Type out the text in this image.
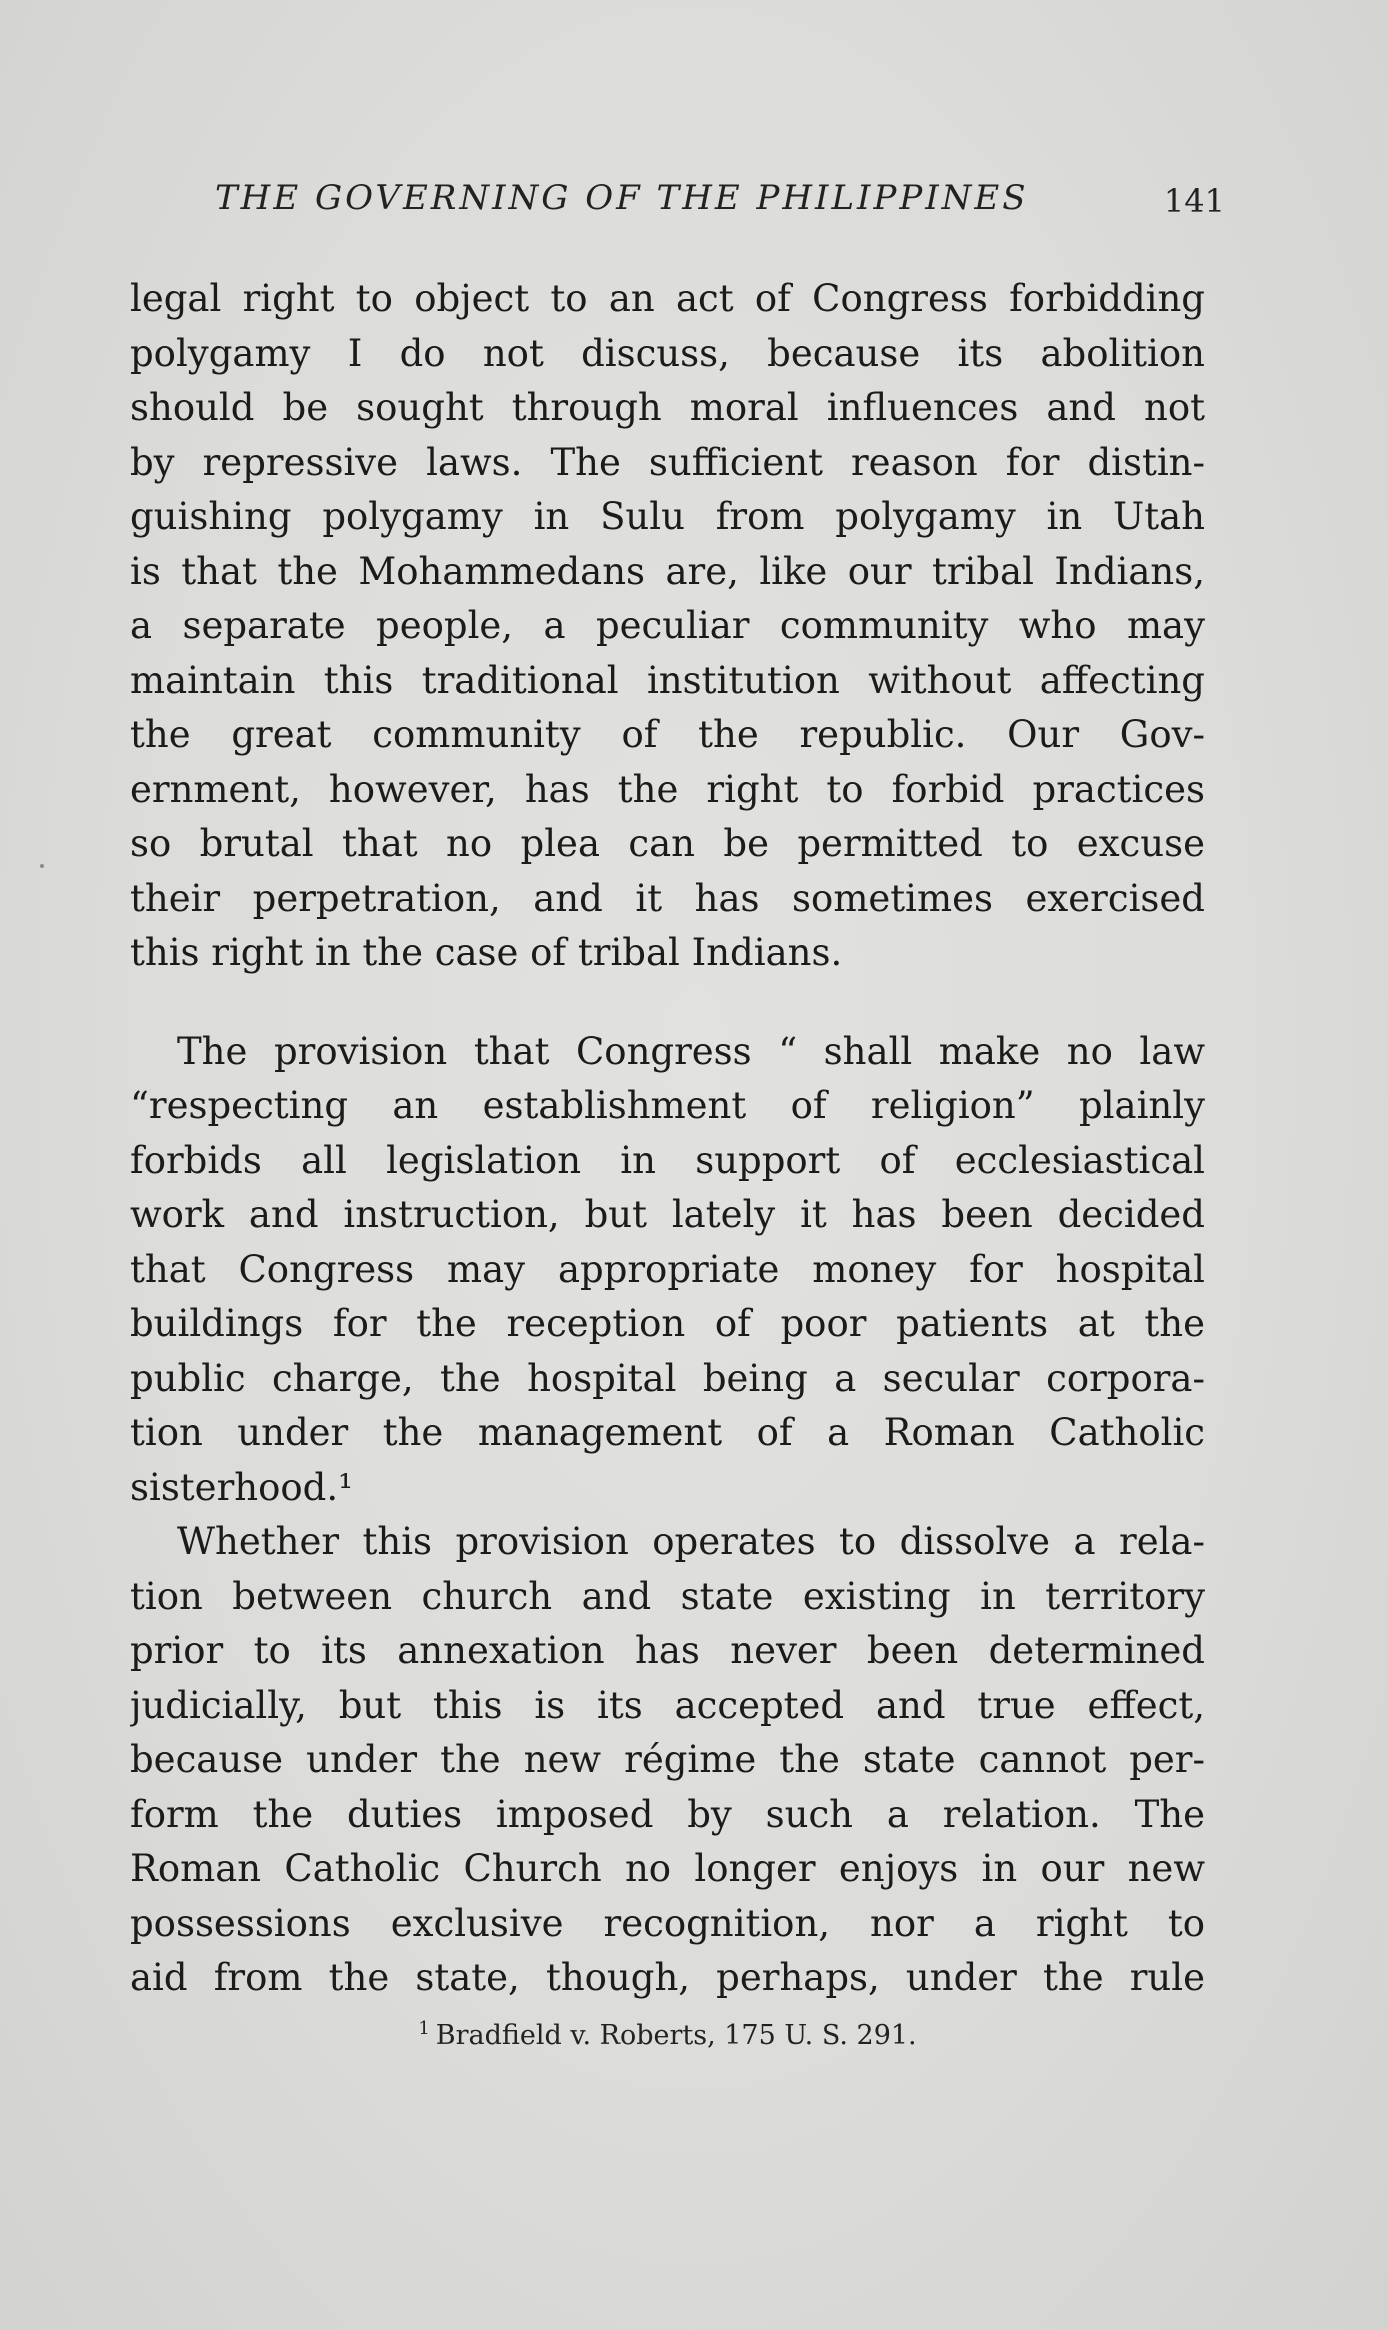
THE GOVERNING OF THE PHILIPPINES	141
legal right to object to an act of Congress forbidding
polygamy I do not discuss, because its abolition
should be sought through moral influences and not
by repressive laws. The sufficient reason for distin-
guishing polygamy in Sulu from polygamy in Utah
is that the Mohammedans are, like our tribal Indians,
a separate people, a peculiar community who may
maintain this traditional institution without affecting
the great community of the republic. Our Gov-
ernment, however, has the right to forbid practices
so brutal that no plea can be permitted to excuse
their perpetration, and it has sometimes exercised
this right in the case of tribal Indians.
The provision that Congress “ shall make no law
“respecting an establishment of religion” plainly
forbids all legislation in support of ecclesiastical
work and instruction, but lately it has been decided
that Congress may appropriate money for hospital
buildings for the reception of poor patients at the
public charge, the hospital being a secular corpora-
tion under the management of a Roman Catholic
sisterhood.¹
Whether this provision operates to dissolve a rela-
tion between church and state existing in territory
prior to its annexation has never been determined
judicially, but this is its accepted and true effect,
because under the new régime the state cannot per-
form the duties imposed by such a relation. The
Roman Catholic Church no longer enjoys in our new
possessions exclusive recognition, nor a right to
aid from the state, though, perhaps, under the rule
$^1$ Bradfield v. Roberts, 175 U. S. 291.
